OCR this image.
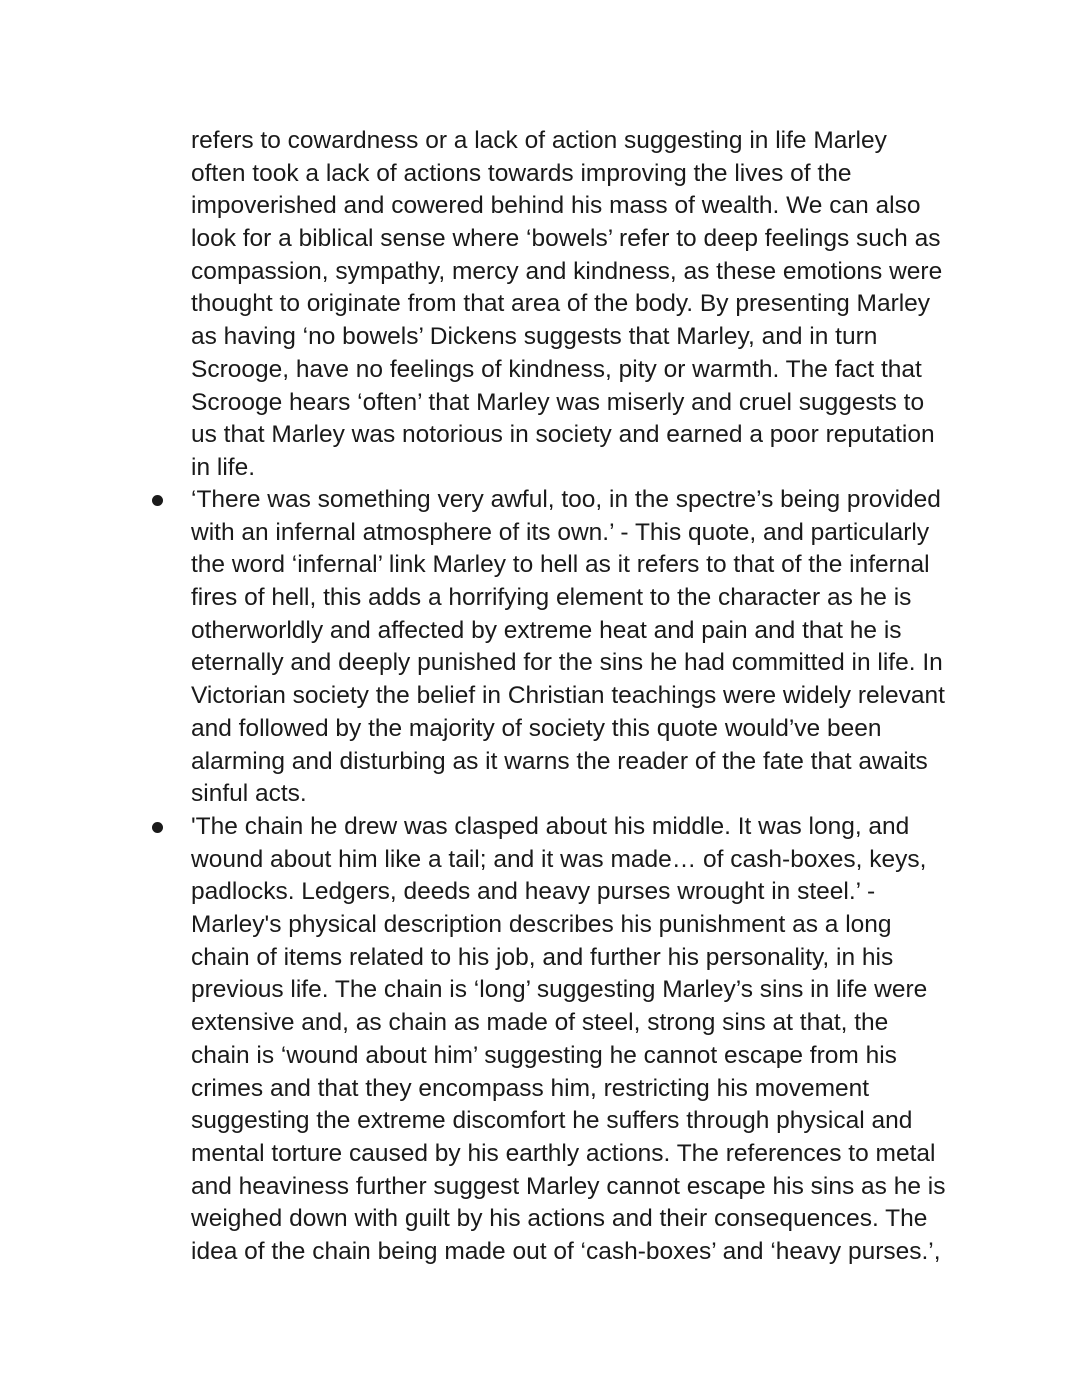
refers to cowardness or a lack of action suggesting in life Marley
often took a lack of actions towards improving the lives of the
impoverished and cowered behind his mass of wealth. We can also
look for a biblical sense where ‘bowels’ refer to deep feelings such as
compassion, sympathy, mercy and kindness, as these emotions were
thought to originate from that area of the body. By presenting Marley
as having ‘no bowels’ Dickens suggests that Marley, and in turn
Scrooge, have no feelings of kindness, pity or warmth. The fact that
Scrooge hears ‘often’ that Marley was miserly and cruel suggests to
us that Marley was notorious in society and earned a poor reputation
in life.
‘There was something very awful, too, in the spectre’s being provided
with an infernal atmosphere of its own.’ - This quote, and particularly
the word ‘infernal’ link Marley to hell as it refers to that of the infernal
fires of hell, this adds a horrifying element to the character as he is
otherworldly and affected by extreme heat and pain and that he is
eternally and deeply punished for the sins he had committed in life. In
Victorian society the belief in Christian teachings were widely relevant
and followed by the majority of society this quote would’ve been
alarming and disturbing as it warns the reader of the fate that awaits
sinful acts.
'The chain he drew was clasped about his middle. It was long, and
wound about him like a tail; and it was made… of cash-boxes, keys,
padlocks. Ledgers, deeds and heavy purses wrought in steel.’ -
Marley's physical description describes his punishment as a long
chain of items related to his job, and further his personality, in his
previous life. The chain is ‘long’ suggesting Marley’s sins in life were
extensive and, as chain as made of steel, strong sins at that, the
chain is ‘wound about him’ suggesting he cannot escape from his
crimes and that they encompass him, restricting his movement
suggesting the extreme discomfort he suffers through physical and
mental torture caused by his earthly actions. The references to metal
and heaviness further suggest Marley cannot escape his sins as he is
weighed down with guilt by his actions and their consequences. The
idea of the chain being made out of ‘cash-boxes’ and ‘heavy purses.’,
